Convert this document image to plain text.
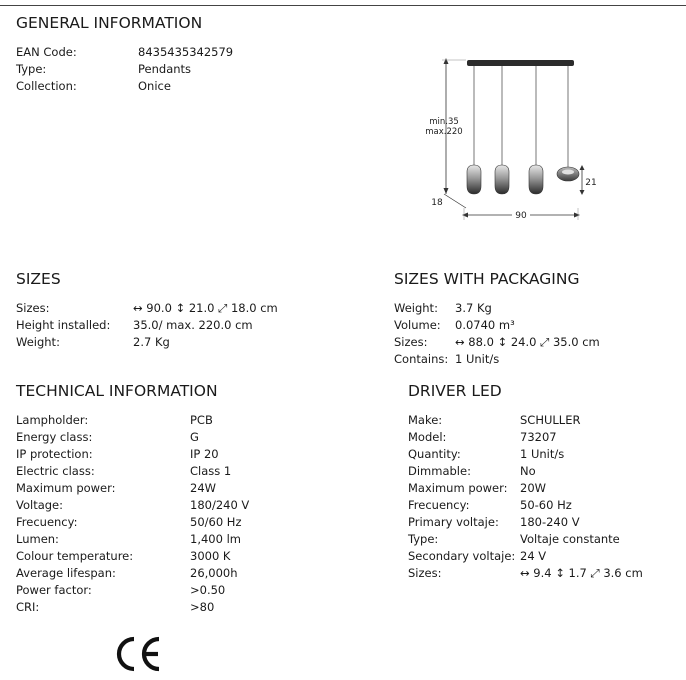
GENERAL INFORMATION
EAN Code:	8435435342579
Type:	Pendants
Collection:	Onice
min.35
max.220
21
18
90
SIZES
Sizes:	↔ 90.0 ↕ 21.0 ⤢ 18.0 cm
Height installed: 35.0/ max. 220.0 cm
Weight:	2.7 Kg
SIZES WITH PACKAGING
Weight: 3.7 Kg
Volume: 0.0740 m³
Sizes: ↔ 88.0 ↕ 24.0 ⤢ 35.0 cm
Contains: 1 Unit/s
TECHNICAL INFORMATION
Lampholder:	PCB
Energy class:	G
IP protection:	IP 20
Electric class:	Class 1
Maximum power:	24W
Voltage:	180/240 V
Frecuency:	50/60 Hz
Lumen:	1,400 lm
Colour temperature:	3000 K
Average lifespan:	26,000h
Power factor:	>0.50
CRI:	>80
DRIVER LED
Make:	SCHULLER
Model:	73207
Quantity:	1 Unit/s
Dimmable:	No
Maximum power: 20W
Frecuency:	50-60 Hz
Primary voltaje: 180-240 V
Type:	Voltaje constante
Secondary voltaje: 24 V
Sizes:	↔ 9.4 ↕ 1.7 ⤢ 3.6 cm
